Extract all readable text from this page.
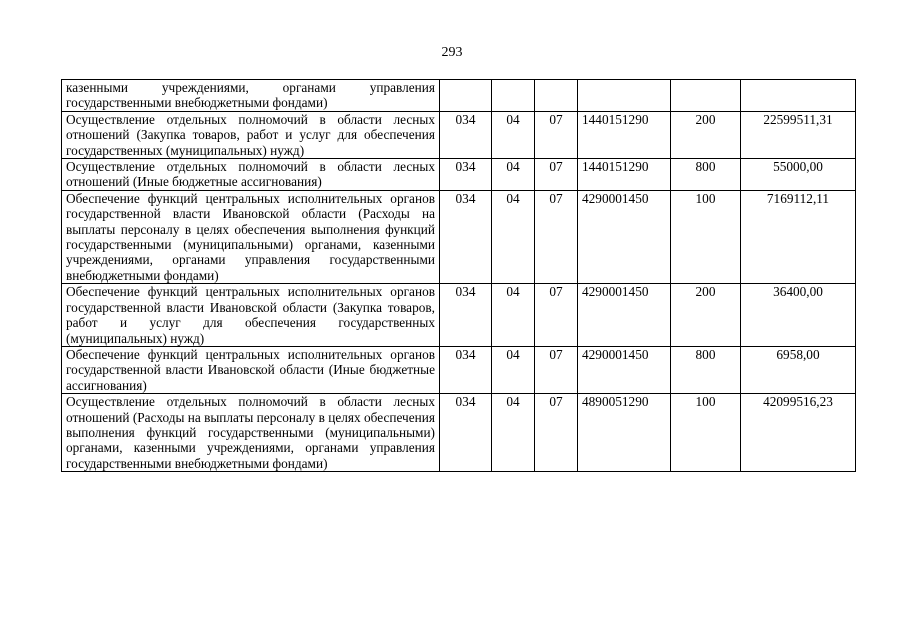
293
казенными учреждениями, органами управления государственными внебюджетными фондами)						
Осуществление отдельных полномочий в области лесных отношений (Закупка товаров, работ и услуг для обеспечения государственных (муниципальных) нужд)	034	04	07	1440151290	200	22599511,31
Осуществление отдельных полномочий в области лесных отношений (Иные бюджетные ассигнования)	034	04	07	1440151290	800	55000,00
Обеспечение функций центральных исполнительных органов государственной власти Ивановской области (Расходы на выплаты персоналу в целях обеспечения выполнения функций государственными (муниципальными) органами, казенными учреждениями, органами управления государственными внебюджетными фондами)	034	04	07	4290001450	100	7169112,11
Обеспечение функций центральных исполнительных органов государственной власти Ивановской области (Закупка товаров, работ и услуг для обеспечения государственных (муниципальных) нужд)	034	04	07	4290001450	200	36400,00
Обеспечение функций центральных исполнительных органов государственной власти Ивановской области (Иные бюджетные ассигнования)	034	04	07	4290001450	800	6958,00
Осуществление отдельных полномочий в области лесных отношений (Расходы на выплаты персоналу в целях обеспечения выполнения функций государственными (муниципальными) органами, казенными учреждениями, органами управления государственными внебюджетными фондами)	034	04	07	4890051290	100	42099516,23
